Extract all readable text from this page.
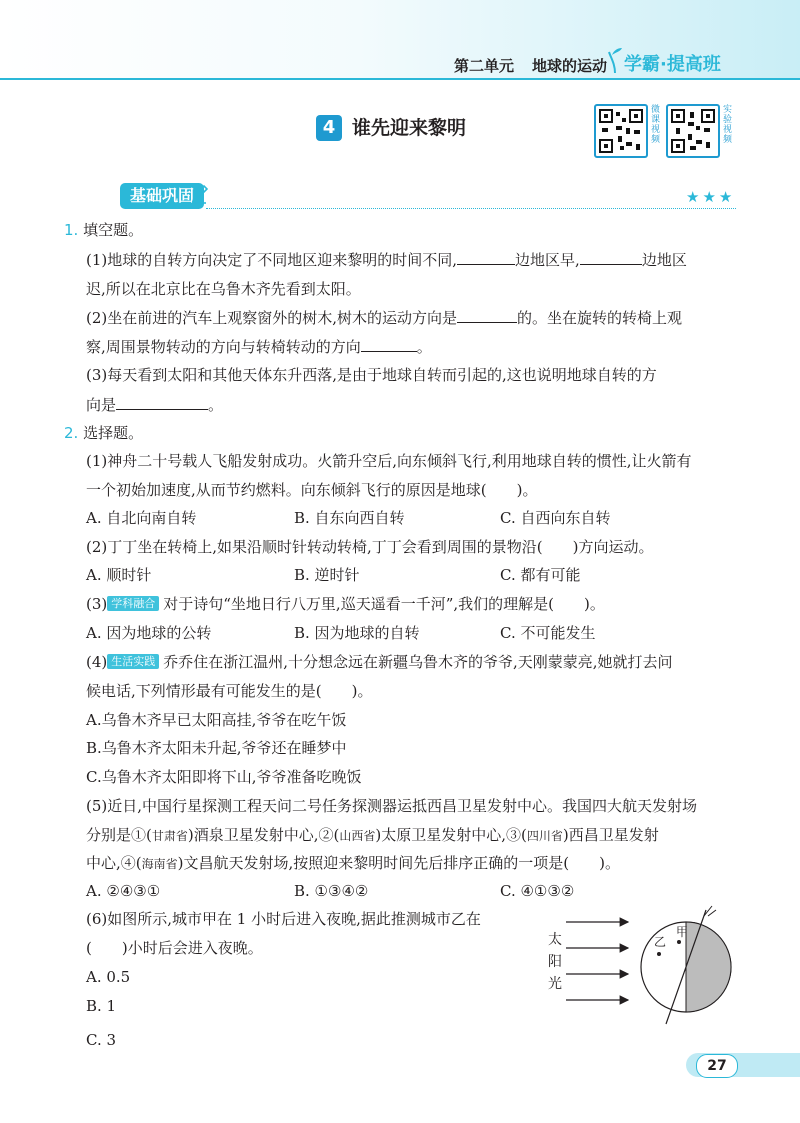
第二单元 地球的运动 学霸·提高班
4 谁先迎来黎明	微课视频	实验视频
基础巩固	★★★
1. 填空题。
(1)地球的自转方向决定了不同地区迎来黎明的时间不同,	边地区早,	边地区
迟,所以在北京比在乌鲁木齐先看到太阳。
(2)坐在前进的汽车上观察窗外的树木,树木的运动方向是	的。坐在旋转的转椅上观
察,周围景物转动的方向与转椅转动的方向	。
(3)每天看到太阳和其他天体东升西落,是由于地球自转而引起的,这也说明地球自转的方
向是	。
2. 选择题。
(1)神舟二十号载人飞船发射成功。火箭升空后,向东倾斜飞行,利用地球自转的惯性,让火箭有
一个初始加速度,从而节约燃料。向东倾斜飞行的原因是地球(　　)。
A. 自北向南自转	B. 自东向西自转	C. 自西向东自转
(2)丁丁坐在转椅上,如果沿顺时针转动转椅,丁丁会看到周围的景物沿(　　)方向运动。
A. 顺时针	B. 逆时针	C. 都有可能
(3) 学科融合 对于诗句“坐地日行八万里,巡天遥看一千河”,我们的理解是(　　)。
A. 因为地球的公转	B. 因为地球的自转	C. 不可能发生
(4) 生活实践 乔乔住在浙江温州,十分想念远在新疆乌鲁木齐的爷爷,天刚蒙蒙亮,她就打去问
候电话,下列情形最有可能发生的是(　　)。
A.乌鲁木齐早已太阳高挂,爷爷在吃午饭
B.乌鲁木齐太阳未升起,爷爷还在睡梦中
C.乌鲁木齐太阳即将下山,爷爷准备吃晚饭
(5)近日,中国行星探测工程天问二号任务探测器运抵西昌卫星发射中心。我国四大航天发射场
分别是①(甘肃省)酒泉卫星发射中心,②(山西省)太原卫星发射中心,③(四川省)西昌卫星发射
中心,④(海南省)文昌航天发射场,按照迎来黎明时间先后排序正确的一项是(　　)。
A. ②④③①	B. ①③④②	C. ④①③②
(6)如图所示,城市甲在 1 小时后进入夜晚,据此推测城市乙在
(　　)小时后会进入夜晚。
A. 0.5
B. 1
C. 3
太
阳
光
甲
乙
27
